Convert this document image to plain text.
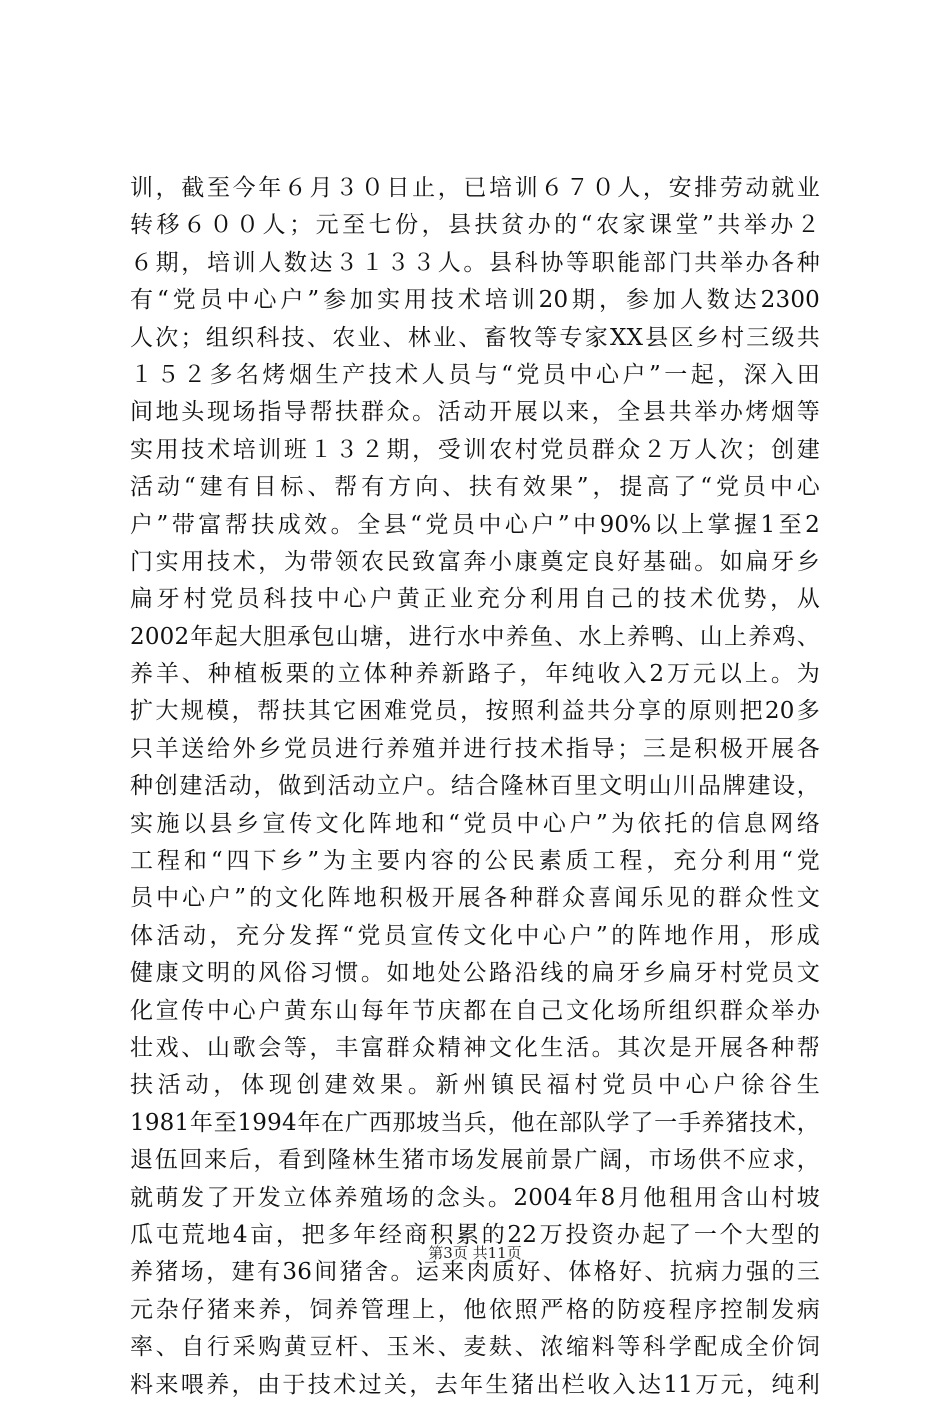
训，截至今年６月３０日止，已培训６７０人，安排劳动就业
转移６００人；元至七份，县扶贫办的“农家课堂”共举办２
６期，培训人数达３１３３人。县科协等职能部门共举办各种
有“党员中心户”参加实用技术培训20期，参加人数达2300
人次；组织科技、农业、林业、畜牧等专家XX县区乡村三级共
１５２多名烤烟生产技术人员与“党员中心户”一起，深入田
间地头现场指导帮扶群众。活动开展以来，全县共举办烤烟等
实用技术培训班１３２期，受训农村党员群众２万人次；创建
活动“建有目标、帮有方向、扶有效果”，提高了“党员中心
户”带富帮扶成效。全县“党员中心户”中90%以上掌握1至2
门实用技术，为带领农民致富奔小康奠定良好基础。如扁牙乡
扁牙村党员科技中心户黄正业充分利用自己的技术优势，从
2002年起大胆承包山塘，进行水中养鱼、水上养鸭、山上养鸡、
养羊、种植板栗的立体种养新路子，年纯收入2万元以上。为
扩大规模，帮扶其它困难党员，按照利益共分享的原则把20多
只羊送给外乡党员进行养殖并进行技术指导；三是积极开展各
种创建活动，做到活动立户。结合隆林百里文明山川品牌建设，
实施以县乡宣传文化阵地和“党员中心户”为依托的信息网络
工程和“四下乡”为主要内容的公民素质工程，充分利用“党
员中心户”的文化阵地积极开展各种群众喜闻乐见的群众性文
体活动，充分发挥“党员宣传文化中心户”的阵地作用，形成
健康文明的风俗习惯。如地处公路沿线的扁牙乡扁牙村党员文
化宣传中心户黄东山每年节庆都在自己文化场所组织群众举办
壮戏、山歌会等，丰富群众精神文化生活。其次是开展各种帮
扶活动，体现创建效果。新州镇民福村党员中心户徐谷生
1981年至1994年在广西那坡当兵，他在部队学了一手养猪技术，
退伍回来后，看到隆林生猪市场发展前景广阔，市场供不应求，
就萌发了开发立体养殖场的念头。2004年8月他租用含山村坡
瓜屯荒地4亩，把多年经商积累的22万投资办起了一个大型的
养猪场，建有36间猪舍。运来肉质好、体格好、抗病力强的三
元杂仔猪来养，饲养管理上，他依照严格的防疫程序控制发病
率、自行采购黄豆杆、玉米、麦麸、浓缩料等科学配成全价饲
料来喂养，由于技术过关，去年生猪出栏收入达11万元，纯利
第3页 共11页
